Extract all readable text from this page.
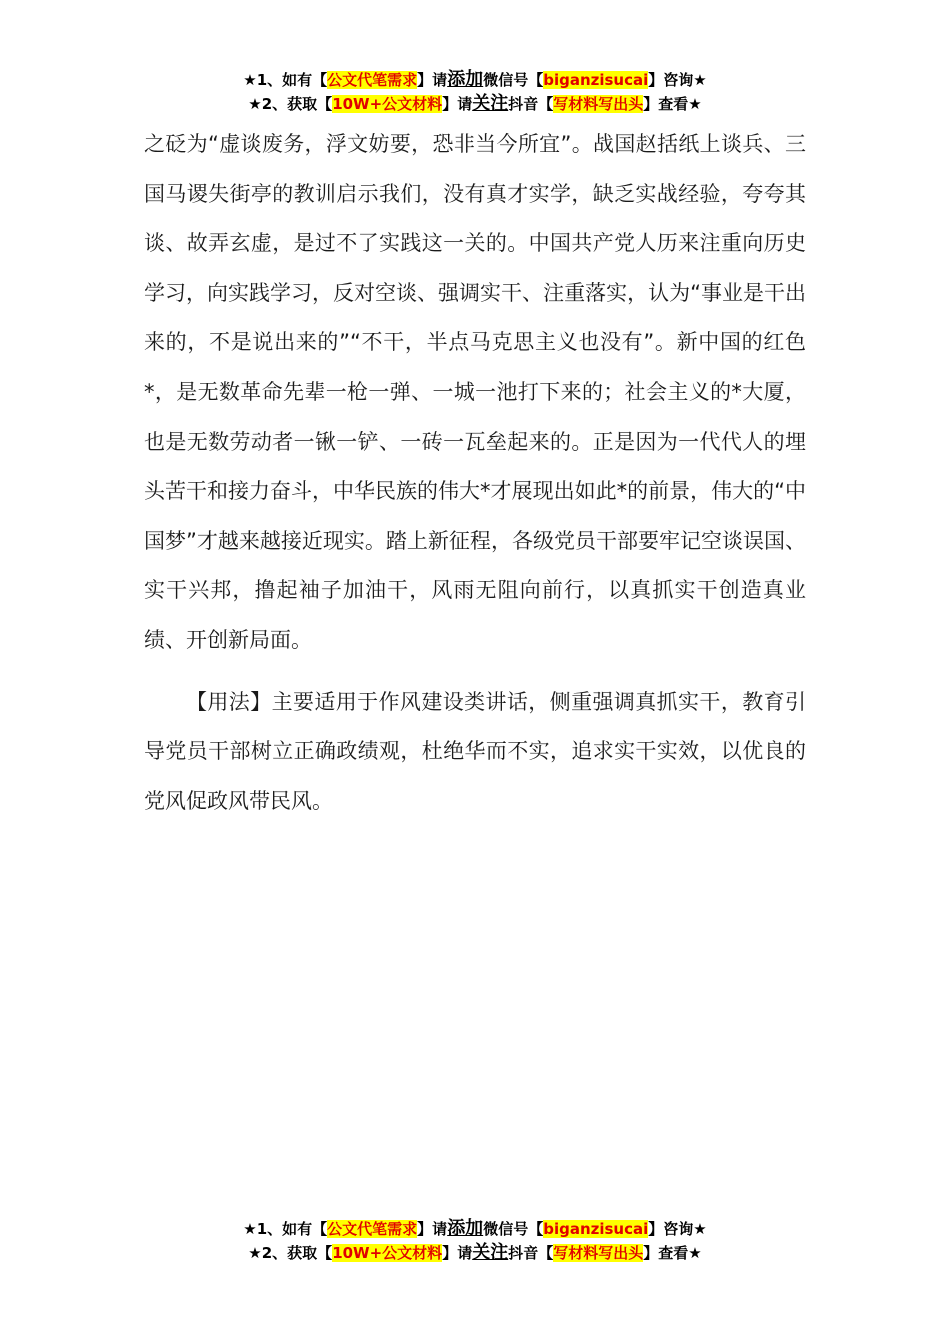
★1、如有【公文代笔需求】请添加微信号【biganzisucai】咨询★
★2、获取【10W+公文材料】请关注抖音【写材料写出头】查看★

之砭为“虚谈废务，浮文妨要，恐非当今所宜”。战国赵括纸上谈兵、三国马谡失街亭的教训启示我们，没有真才实学，缺乏实战经验，夸夸其谈、故弄玄虚，是过不了实践这一关的。中国共产党人历来注重向历史学习，向实践学习，反对空谈、强调实干、注重落实，认为“事业是干出来的，不是说出来的”“不干，半点马克思主义也没有”。新中国的红色*，是无数革命先辈一枪一弹、一城一池打下来的；社会主义的*大厦，也是无数劳动者一锹一铲、一砖一瓦垒起来的。正是因为一代代人的埋头苦干和接力奋斗，中华民族的伟大*才展现出如此*的前景，伟大的“中国梦”才越来越接近现实。踏上新征程，各级党员干部要牢记空谈误国、实干兴邦，撸起袖子加油干，风雨无阻向前行，以真抓实干创造真业绩、开创新局面。

【用法】主要适用于作风建设类讲话，侧重强调真抓实干，教育引导党员干部树立正确政绩观，杜绝华而不实，追求实干实效，以优良的党风促政风带民风。

★1、如有【公文代笔需求】请添加微信号【biganzisucai】咨询★
★2、获取【10W+公文材料】请关注抖音【写材料写出头】查看★
